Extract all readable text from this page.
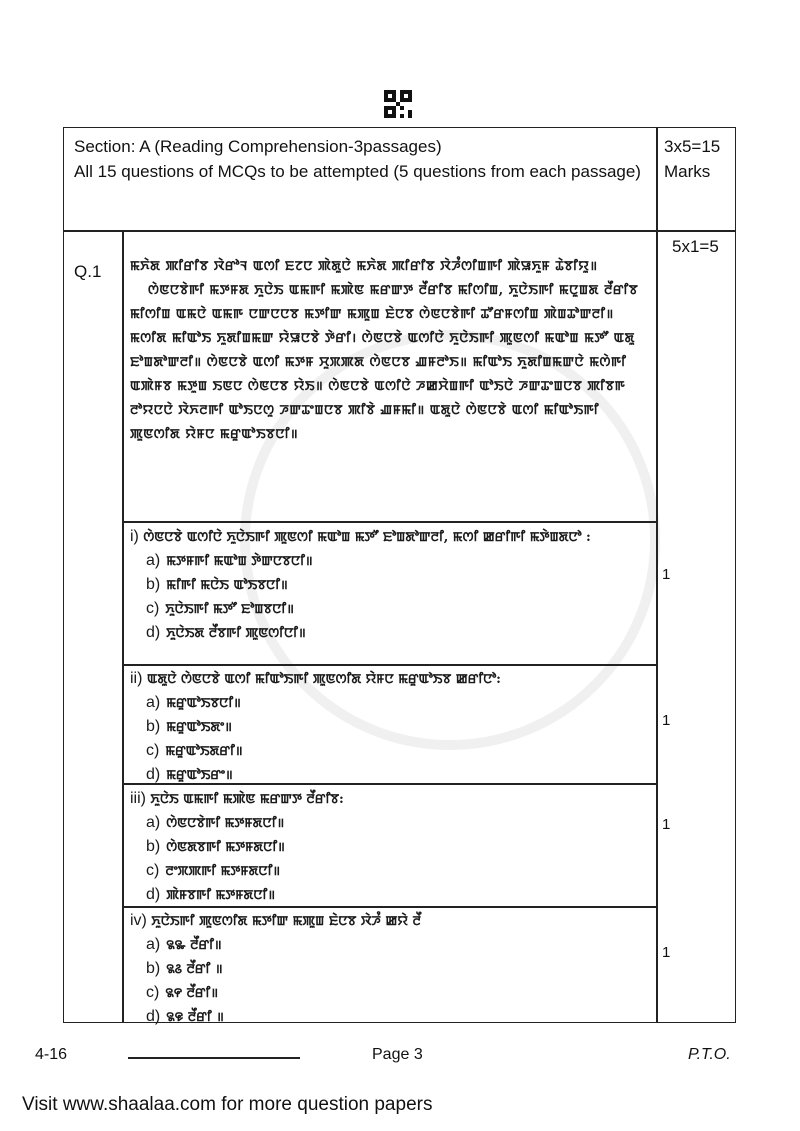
Section: A (Reading Comprehension-3passages)
All 15 questions of MCQs to be attempted (5 questions from each passage)
3x5=15
Marks
Q.1
5x1=5

ꯃꯈꯥꯗ ꯄꯤꯔꯤꯕ ꯋꯥꯔꯣꯜ ꯑꯁꯤ ꯐꯖꯅ ꯄꯥꯗꯨꯅꯥ ꯃꯈꯥꯗ ꯄꯤꯔꯤꯕ ꯋꯥꯍꯪꯁꯤꯡꯒꯤ ꯄꯥꯎꯈꯨꯝ ꯊꯥꯕꯤꯌꯨ॥

ꯁꯥꯟꯅꯕꯥꯒꯤ ꯃꯇꯝꯗ ꯈꯨꯅꯥꯏ ꯑꯃꯒꯤ ꯃꯄꯥꯟ ꯃꯔꯛꯇ ꯂꯩꯔꯤꯕ ꯃꯤꯁꯤꯡ, ꯈꯨꯅꯥꯏꯒꯤ ꯃꯅꯨꯡꯗ ꯂꯩꯔꯤꯕ ꯃꯤꯁꯤꯡ ꯑꯃꯅꯥ ꯑꯃꯒ ꯅꯛꯅꯅꯕ ꯃꯇꯤꯛ ꯃꯄꯨꯡ ꯐꯥꯅꯕ ꯁꯥꯟꯅꯕꯥꯒꯤ ꯊꯧꯔꯝꯁꯤꯡ ꯄꯥꯡꯊꯣꯛꯂꯤ॥ ꯃꯁꯤꯗ ꯃꯤꯑꯣꯏ ꯈꯨꯗꯤꯡꯃꯛ ꯌꯥꯎꯅꯕꯥ ꯇꯥꯔꯤ। ꯁꯥꯟꯅꯕꯥ ꯑꯁꯤꯅꯥ ꯈꯨꯅꯥꯏꯒꯤ ꯄꯨꯟꯁꯤ ꯃꯑꯣꯡ ꯃꯇꯧ ꯑꯗꯨ ꯐꯣꯡꯗꯣꯛꯂꯤ॥ ꯁꯥꯟꯅꯕꯥ ꯑꯁꯤ ꯃꯇꯝ ꯆꯨꯞꯄꯗ ꯁꯥꯟꯅꯕ ꯉꯝꯂꯣꯏ॥ ꯃꯤꯑꯣꯏ ꯈꯨꯗꯤꯡꯃꯛꯅꯥ ꯃꯁꯥꯒꯤ ꯑꯄꯥꯝꯕ ꯃꯇꯨꯡ ꯏꯟꯅ ꯁꯥꯟꯅꯕ ꯌꯥꯏ॥ ꯁꯥꯟꯅꯕꯥ ꯑꯁꯤꯅꯥ ꯍꯀꯆꯥꯡꯒꯤ ꯑꯣꯏꯅꯥ ꯍꯛꯊꯦꯡꯅꯕ ꯄꯤꯕꯒ ꯂꯣꯌꯅꯅꯥ ꯋꯥꯈꯂꯒꯤ ꯑꯣꯏꯅꯁꯨ ꯍꯛꯊꯦꯡꯅꯕ ꯄꯤꯕꯥ ꯉꯝꯃꯤ॥ ꯑꯗꯨꯅꯥ ꯁꯥꯟꯅꯕꯥ ꯑꯁꯤ ꯃꯤꯑꯣꯏꯒꯤ ꯄꯨꯟꯁꯤꯗ ꯌꯥꯝꯅ ꯃꯔꯨꯑꯣꯏꯕꯅꯤ॥

i) ꯁꯥꯟꯅꯕꯥ ꯑꯁꯤꯅꯥ ꯈꯨꯅꯥꯏꯒꯤ ꯄꯨꯟꯁꯤ ꯃꯑꯣꯡ ꯃꯇꯧ ꯐꯣꯡꯗꯣꯛꯂꯤ, ꯃꯁꯤ ꯀꯔꯤꯒꯤ ꯃꯇꯥꯡꯗꯅꯣ :
a) ꯃꯇꯝꯒꯤ ꯃꯑꯣꯡ ꯇꯥꯛꯅꯕꯅꯤ॥
b) ꯃꯤꯒꯤ ꯃꯅꯥꯏ ꯑꯣꯏꯕꯅꯤ॥
c) ꯈꯨꯅꯥꯏꯒꯤ ꯃꯇꯧ ꯐꯣꯡꯕꯅꯤ॥
d) ꯈꯨꯅꯥꯏꯗ ꯂꯩꯕꯒꯤ ꯄꯨꯟꯁꯤꯅꯤ॥
1
ii) ꯑꯗꯨꯅꯥ ꯁꯥꯟꯅꯕꯥ ꯑꯁꯤ ꯃꯤꯑꯣꯏꯒꯤ ꯄꯨꯟꯁꯤꯗ ꯌꯥꯝꯅ ꯃꯔꯨꯑꯣꯏꯕ ꯀꯔꯤꯅꯣ:
a) ꯃꯔꯨꯑꯣꯏꯕꯅꯤ॥
b) ꯃꯔꯨꯑꯣꯏꯗꯦ॥
c) ꯃꯔꯨꯑꯣꯏꯗꯔꯤ॥
d) ꯃꯔꯨꯑꯣꯏꯔꯦ॥
1
iii) ꯈꯨꯅꯥꯏ ꯑꯃꯒꯤ ꯃꯄꯥꯟ ꯃꯔꯛꯇ ꯂꯩꯔꯤꯕ:
a) ꯁꯥꯟꯅꯕꯥꯒꯤ ꯃꯇꯝꯗꯅꯤ॥
b) ꯁꯥꯟꯗꯕꯒꯤ ꯃꯇꯝꯗꯅꯤ॥
c) ꯂꯦꯞꯄꯒꯤ ꯃꯇꯝꯗꯅꯤ॥
d) ꯄꯥꯝꯕꯒꯤ ꯃꯇꯝꯗꯅꯤ॥
1
iv) ꯈꯨꯅꯥꯏꯒꯤ ꯄꯨꯟꯁꯤꯗ ꯃꯇꯤꯛ ꯃꯄꯨꯡ ꯐꯥꯅꯕ ꯋꯥꯍꯪ ꯀꯌꯥ ꯂꯩ
a) ꯲꯳ ꯂꯩꯔꯤ॥
b) ꯲꯴ ꯂꯩꯔꯤ ॥
c) ꯲꯵ ꯂꯩꯔꯤ॥
d) ꯲꯶ ꯂꯩꯔꯤ ॥
1
4-16	Page 3	P.T.O.
Visit www.shaalaa.com for more question papers
